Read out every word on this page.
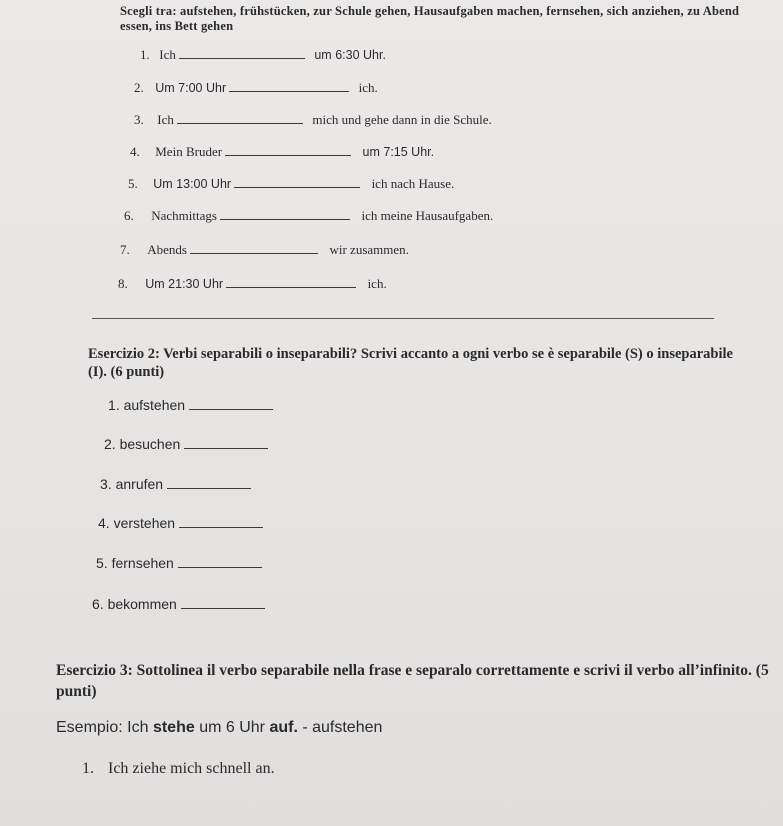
Scegli tra: aufstehen, frühstücken, zur Schule gehen, Hausaufgaben machen, fernsehen, sich anziehen, zu Abend essen, ins Bett gehen
1. Ich	um 6:30 Uhr.
2. Um 7:00 Uhr	ich.
3. Ich	mich und gehe dann in die Schule.
4. Mein Bruder	um 7:15 Uhr.
5. Um 13:00 Uhr	ich nach Hause.
6. Nachmittags	ich meine Hausaufgaben.
7. Abends	wir zusammen.
8. Um 21:30 Uhr	ich.
Esercizio 2: Verbi separabili o inseparabili? Scrivi accanto a ogni verbo se è separabile (S) o inseparabile (I). (6 punti)
1. aufstehen
2. besuchen
3. anrufen
4. verstehen
5. fernsehen
6. bekommen
Esercizio 3: Sottolinea il verbo separabile nella frase e separalo correttamente e scrivi il verbo all’infinito. (5 punti)
Esempio: Ich stehe um 6 Uhr auf. - aufstehen
1. Ich ziehe mich schnell an.
